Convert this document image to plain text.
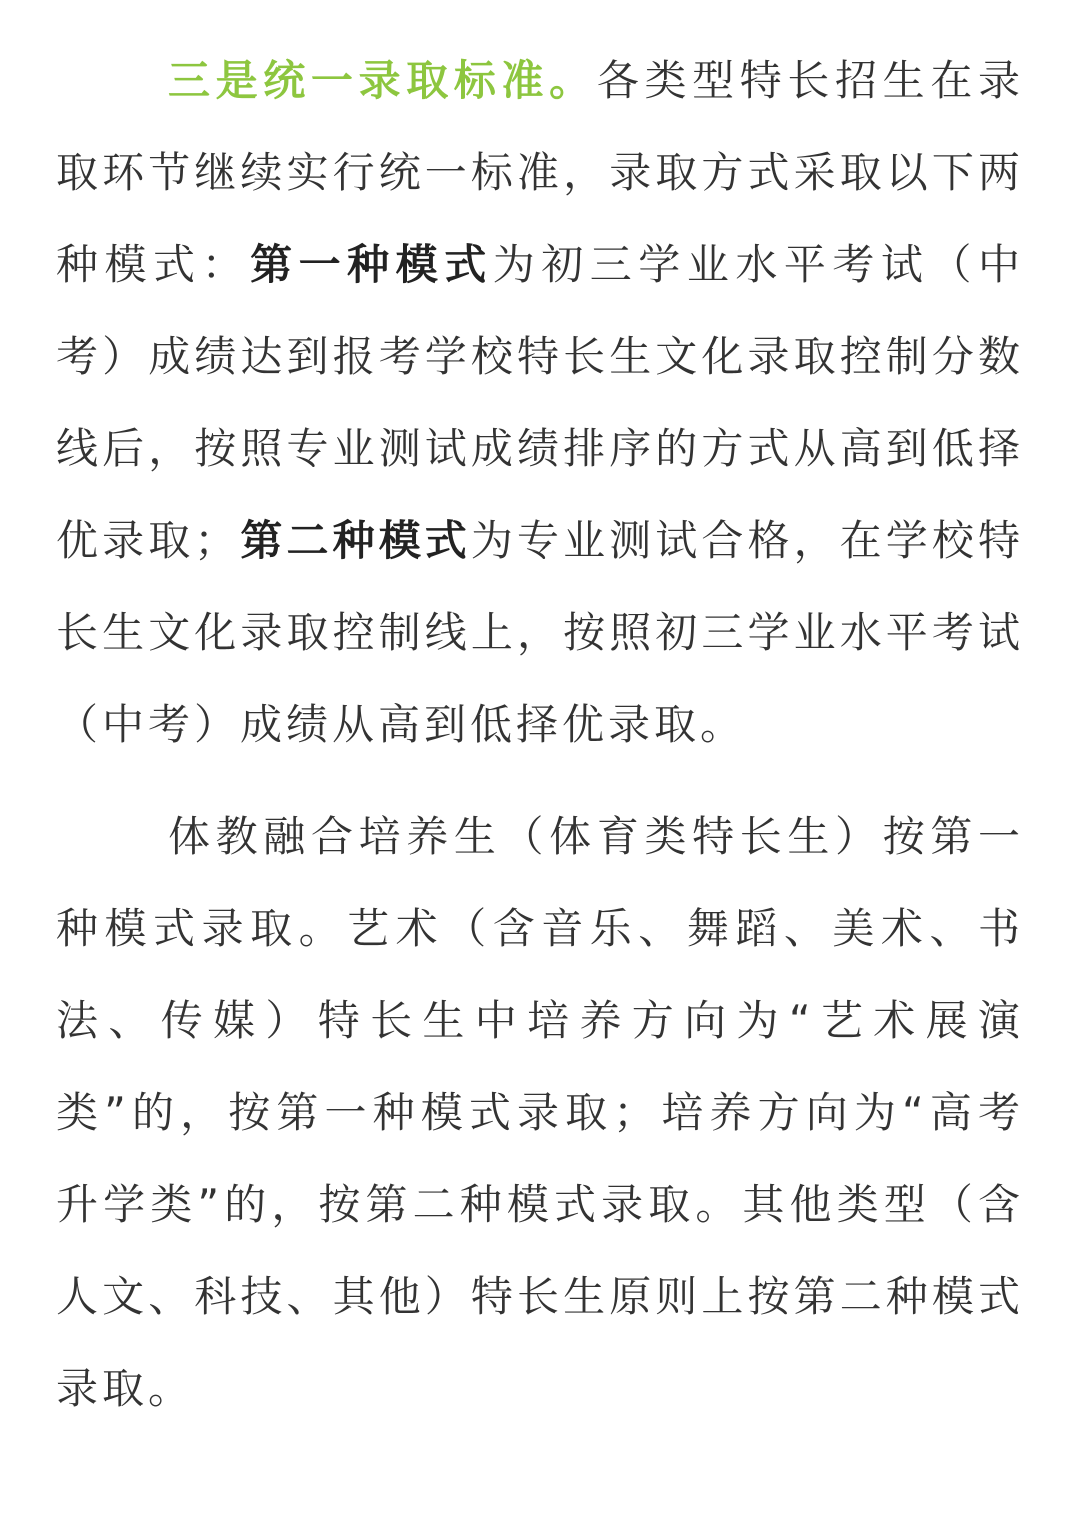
三是统一录取标准。各类型特长招生在录取环节继续实行统一标准，录取方式采取以下两种模式：第一种模式为初三学业水平考试（中考）成绩达到报考学校特长生文化录取控制分数线后，按照专业测试成绩排序的方式从高到低择优录取；第二种模式为专业测试合格，在学校特长生文化录取控制线上，按照初三学业水平考试（中考）成绩从高到低择优录取。

体教融合培养生（体育类特长生）按第一种模式录取。艺术（含音乐、舞蹈、美术、书法、传媒）特长生中培养方向为“艺术展演类”的，按第一种模式录取；培养方向为“高考升学类”的，按第二种模式录取。其他类型（含人文、科技、其他）特长生原则上按第二种模式录取。
